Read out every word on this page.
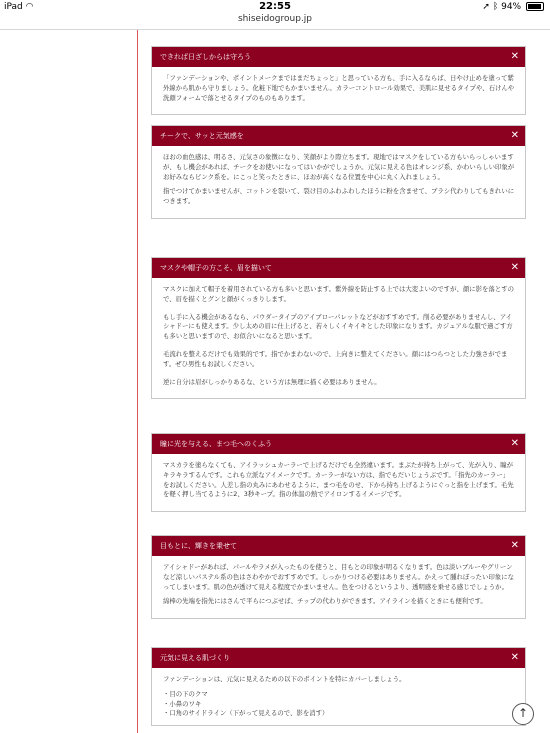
iPad ◠	22:55	➚ ᛒ 94%
shiseidogroup.jp
できれば日ざしからは守ろう	✕

「ファンデーションや、ポイントメークまではまだちょっと」と思っている方も、手に入るならば、日やけ止めを塗って紫外線から肌から守りましょう。化粧下地でもかまいません。カラーコントロール効果で、美肌に見せるタイプや、石けんや洗顔フォームで落とせるタイプのものもあります。

チークで、サッと元気感を	✕

ほおの血色感は、明るさ、元気さの象徴になり、笑顔がより際立ちます。現地ではマスクをしている方もいらっしゃいますが、もし機会があれば、チークをお使いになってはいかがでしょうか。元気に見える色はオレンジ系、かわいらしい印象がお好みならピンク系を。にこっと笑ったときに、ほおが高くなる位置を中心に丸く入れましょう。

指でつけてかまいませんが、コットンを裂いて、裂け目のふわふわしたほうに粉を含ませて、ブラシ代わりしてもきれいにつきます。

マスクや帽子の方こそ、眉を描いて	✕

マスクに加えて帽子を着用されている方も多いと思います。紫外線を防止する上では大変よいのですが、顔に影を落とすので、眉を描くとグンと顔がくっきりします。

もし手に入る機会があるなら、パウダータイプのアイブローパレットなどがおすすめです。削る必要がありませんし、アイシャドーにも使えます。少し太めの眉に仕上げると、若々しくイキイキとした印象になります。カジュアルな服で過ごす方も多いと思いますので、お似合いになると思います。

毛流れを整えるだけでも効果的です。指でかまわないので、上向きに整えてください。顔にはつらつとした力強さがでます。ぜひ男性もお試しください。

逆に自分は眉がしっかりあるな、という方は無理に描く必要はありません。

瞳に光を与える、まつ毛へのくふう	✕

マスカラを塗らなくても、アイラッシュカーラーで上げるだけでも全然違います。まぶたが持ち上がって、光が入り、瞳がキラキラするんです。これも立派なアイメークです。カーラーがない方は、指でもだいじょうぶです。「指先のカーラー」をお試しください。人差し指の丸みにあわせるように、まつ毛をのせ、下から持ち上げるようにぐっと指を上げます。毛先を軽く押し当てるように2、3秒キープ。指の体温の熱でアイロンするイメージです。

目もとに、輝きを乗せて	✕

アイシャドーがあれば、パールやラメが入ったものを使うと、目もとの印象が明るくなります。色は淡いブルーやグリーンなど涼しいパステル系の色はさわやかでおすすめです。しっかりつける必要はありません。かえって腫れぼったい印象になってしまいます。肌の色が透けて見える程度でかまいません。色をつけるというより、透明感を乗せる感じでしょうか。

綿棒の先端を指先にはさんで平らにつぶせば、チップの代わりができます。アイラインを描くときにも便利です。

元気に見える肌づくり	✕

ファンデーションは、元気に見えるための以下のポイントを特にカバーしましょう。

・目の下のクマ
・小鼻のワキ
・口角のサイドライン（下がって見えるので、影を消す）	↑
